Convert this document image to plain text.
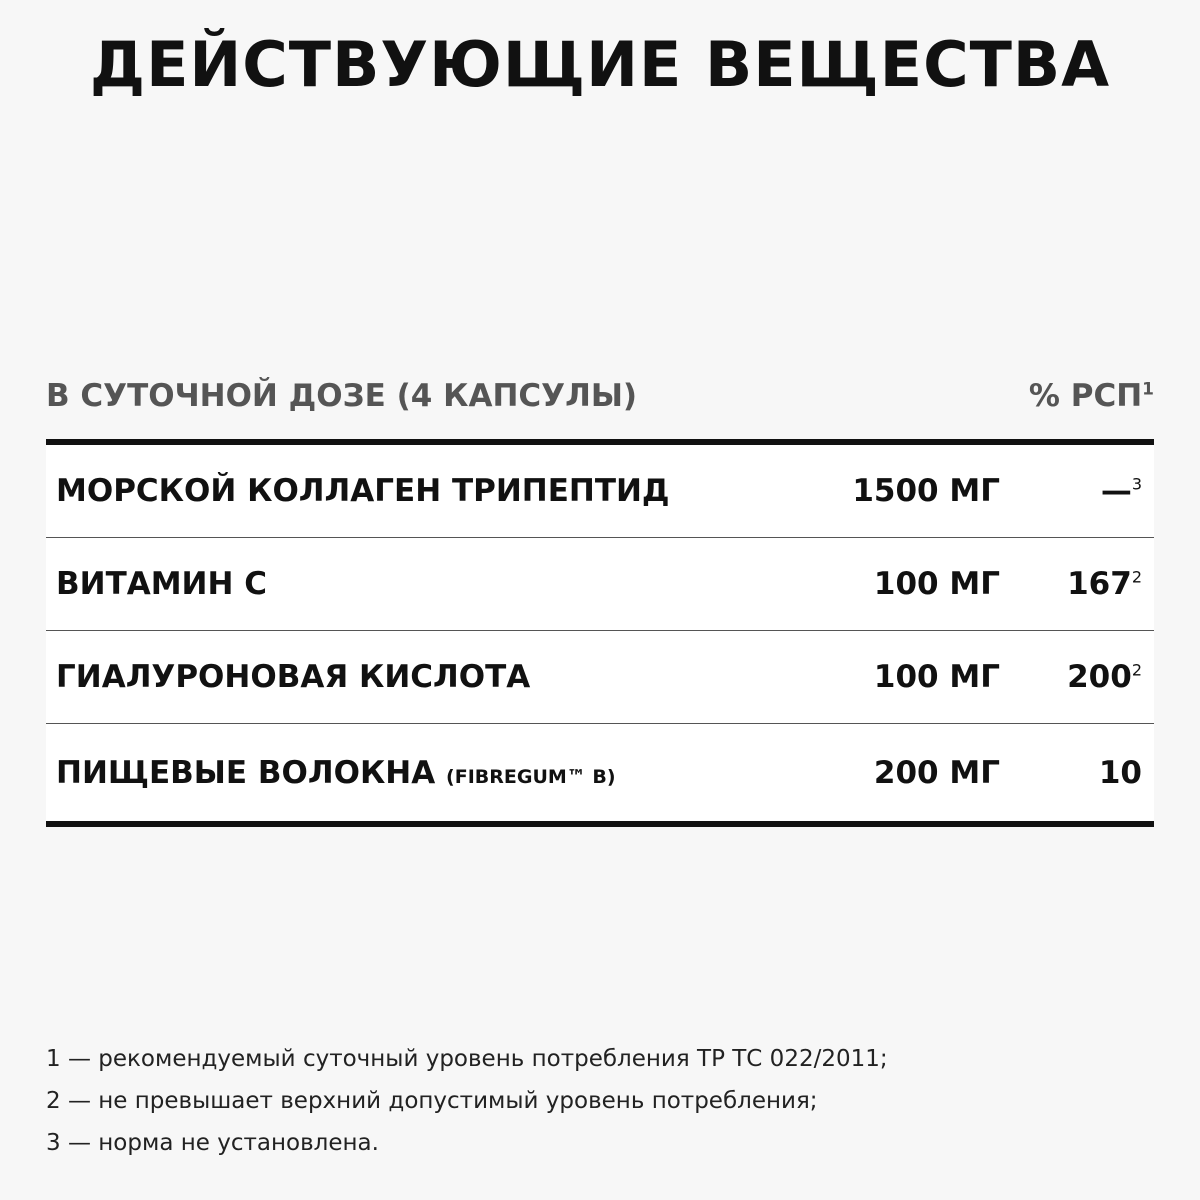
ДЕЙСТВУЮЩИЕ ВЕЩЕСТВА
В СУТОЧНОЙ ДОЗЕ (4 КАПСУЛЫ)	% РСП$^1$
МОРСКОЙ КОЛЛАГЕН ТРИПЕПТИД	1500 МГ	—$^3$
ВИТАМИН С	100 МГ	$167^2$
ГИАЛУРОНОВАЯ КИСЛОТА	100 МГ	$200^2$
ПИЩЕВЫЕ ВОЛОКНА (FIBREGUM™ B)	200 МГ	10
1 — рекомендуемый суточный уровень потребления ТР ТС 022/2011;
2 — не превышает верхний допустимый уровень потребления;
3 — норма не установлена.
